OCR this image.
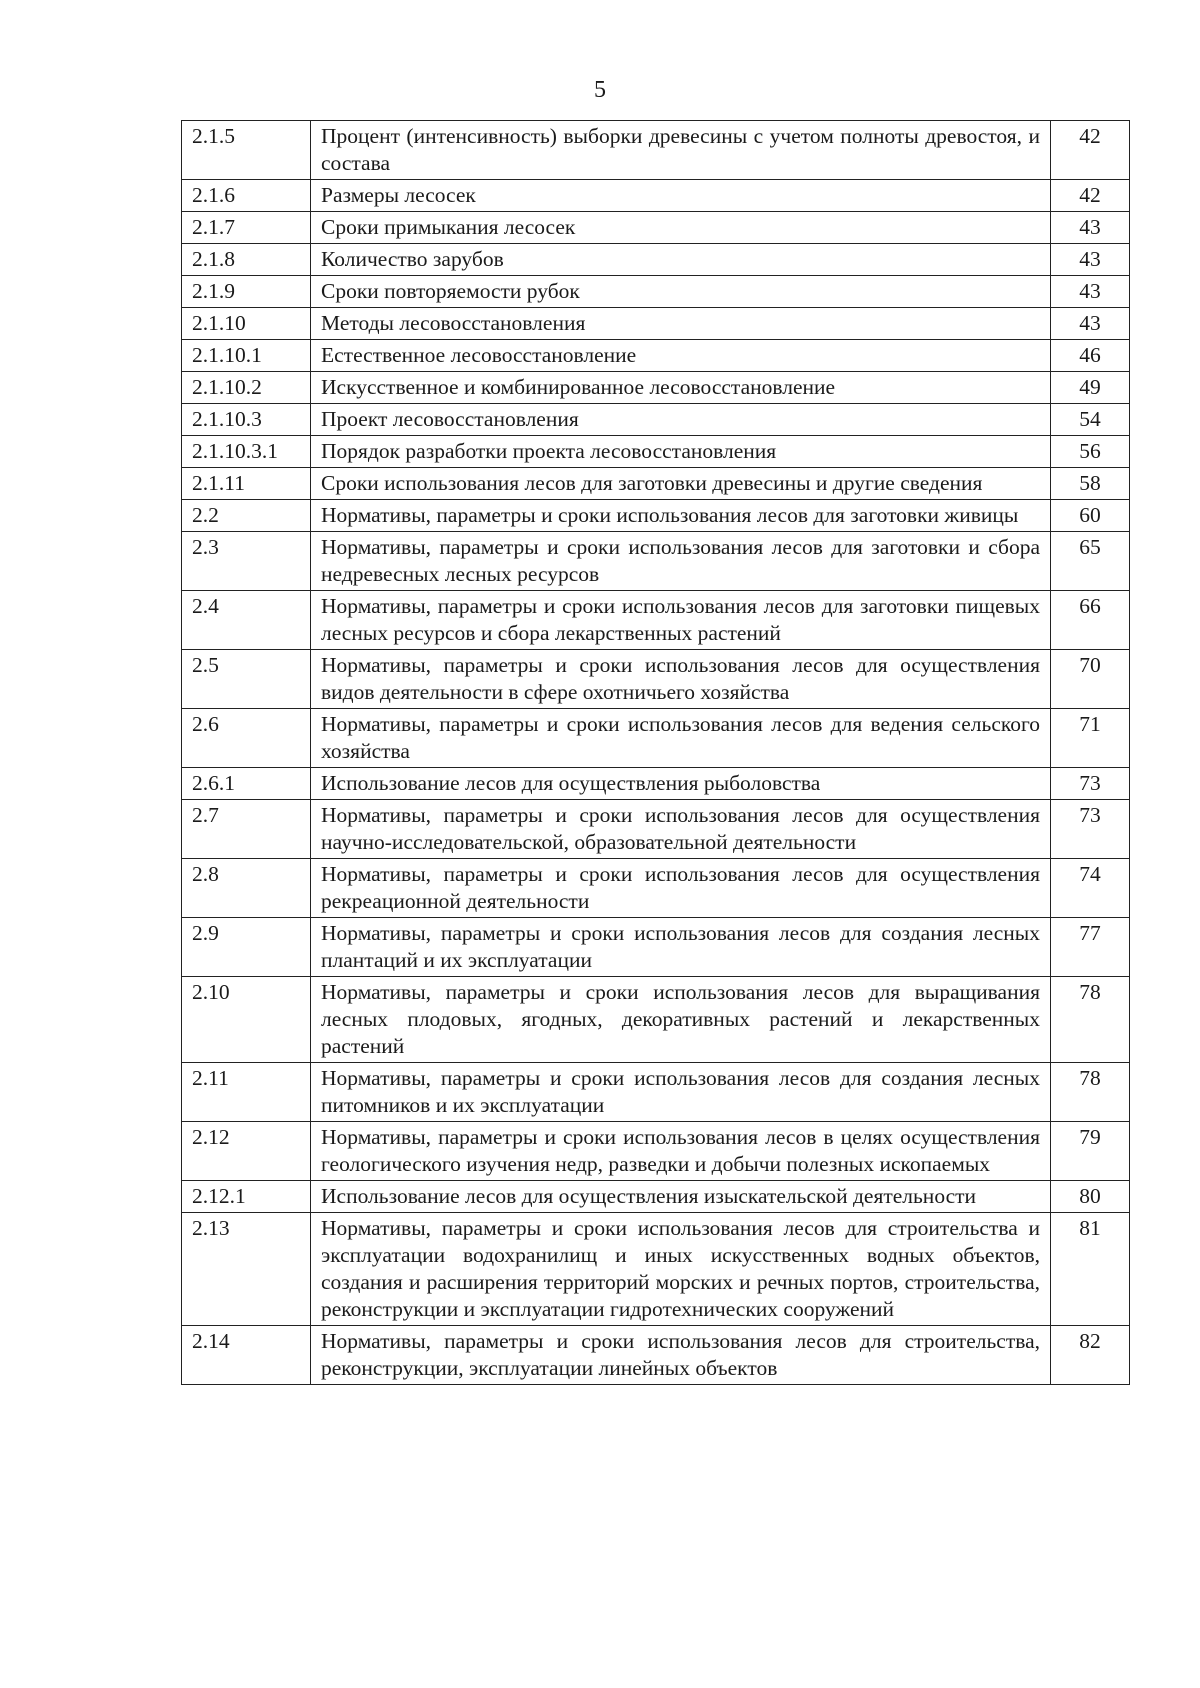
5
2.1.5	Процент (интенсивность) выборки древесины с учетом полноты древостоя, и состава	42
2.1.6	Размеры лесосек	42
2.1.7	Сроки примыкания лесосек	43
2.1.8	Количество зарубов	43
2.1.9	Сроки повторяемости рубок	43
2.1.10	Методы лесовосстановления	43
2.1.10.1	Естественное лесовосстановление	46
2.1.10.2	Искусственное и комбинированное лесовосстановление	49
2.1.10.3	Проект лесовосстановления	54
2.1.10.3.1	Порядок разработки проекта лесовосстановления	56
2.1.11	Сроки использования лесов для заготовки древесины и другие сведения	58
2.2	Нормативы, параметры и сроки использования лесов для заготовки живицы	60
2.3	Нормативы, параметры и сроки использования лесов для заготовки и сбора недревесных лесных ресурсов	65
2.4	Нормативы, параметры и сроки использования лесов для заготовки пищевых лесных ресурсов и сбора лекарственных растений	66
2.5	Нормативы, параметры и сроки использования лесов для осуществления видов деятельности в сфере охотничьего хозяйства	70
2.6	Нормативы, параметры и сроки использования лесов для ведения сельского хозяйства	71
2.6.1	Использование лесов для осуществления рыболовства	73
2.7	Нормативы, параметры и сроки использования лесов для осуществления научно-исследовательской, образовательной деятельности	73
2.8	Нормативы, параметры и сроки использования лесов для осуществления рекреационной деятельности	74
2.9	Нормативы, параметры и сроки использования лесов для создания лесных плантаций и их эксплуатации	77
2.10	Нормативы, параметры и сроки использования лесов для выращивания лесных плодовых, ягодных, декоративных растений и лекарственных растений	78
2.11	Нормативы, параметры и сроки использования лесов для создания лесных питомников и их эксплуатации	78
2.12	Нормативы, параметры и сроки использования лесов в целях осуществления геологического изучения недр, разведки и добычи полезных ископаемых	79
2.12.1	Использование лесов для осуществления изыскательской деятельности	80
2.13	Нормативы, параметры и сроки использования лесов для строительства и эксплуатации водохранилищ и иных искусственных водных объектов, создания и расширения территорий морских и речных портов, строительства, реконструкции и эксплуатации гидротехнических сооружений	81
2.14	Нормативы, параметры и сроки использования лесов для строительства, реконструкции, эксплуатации линейных объектов	82
